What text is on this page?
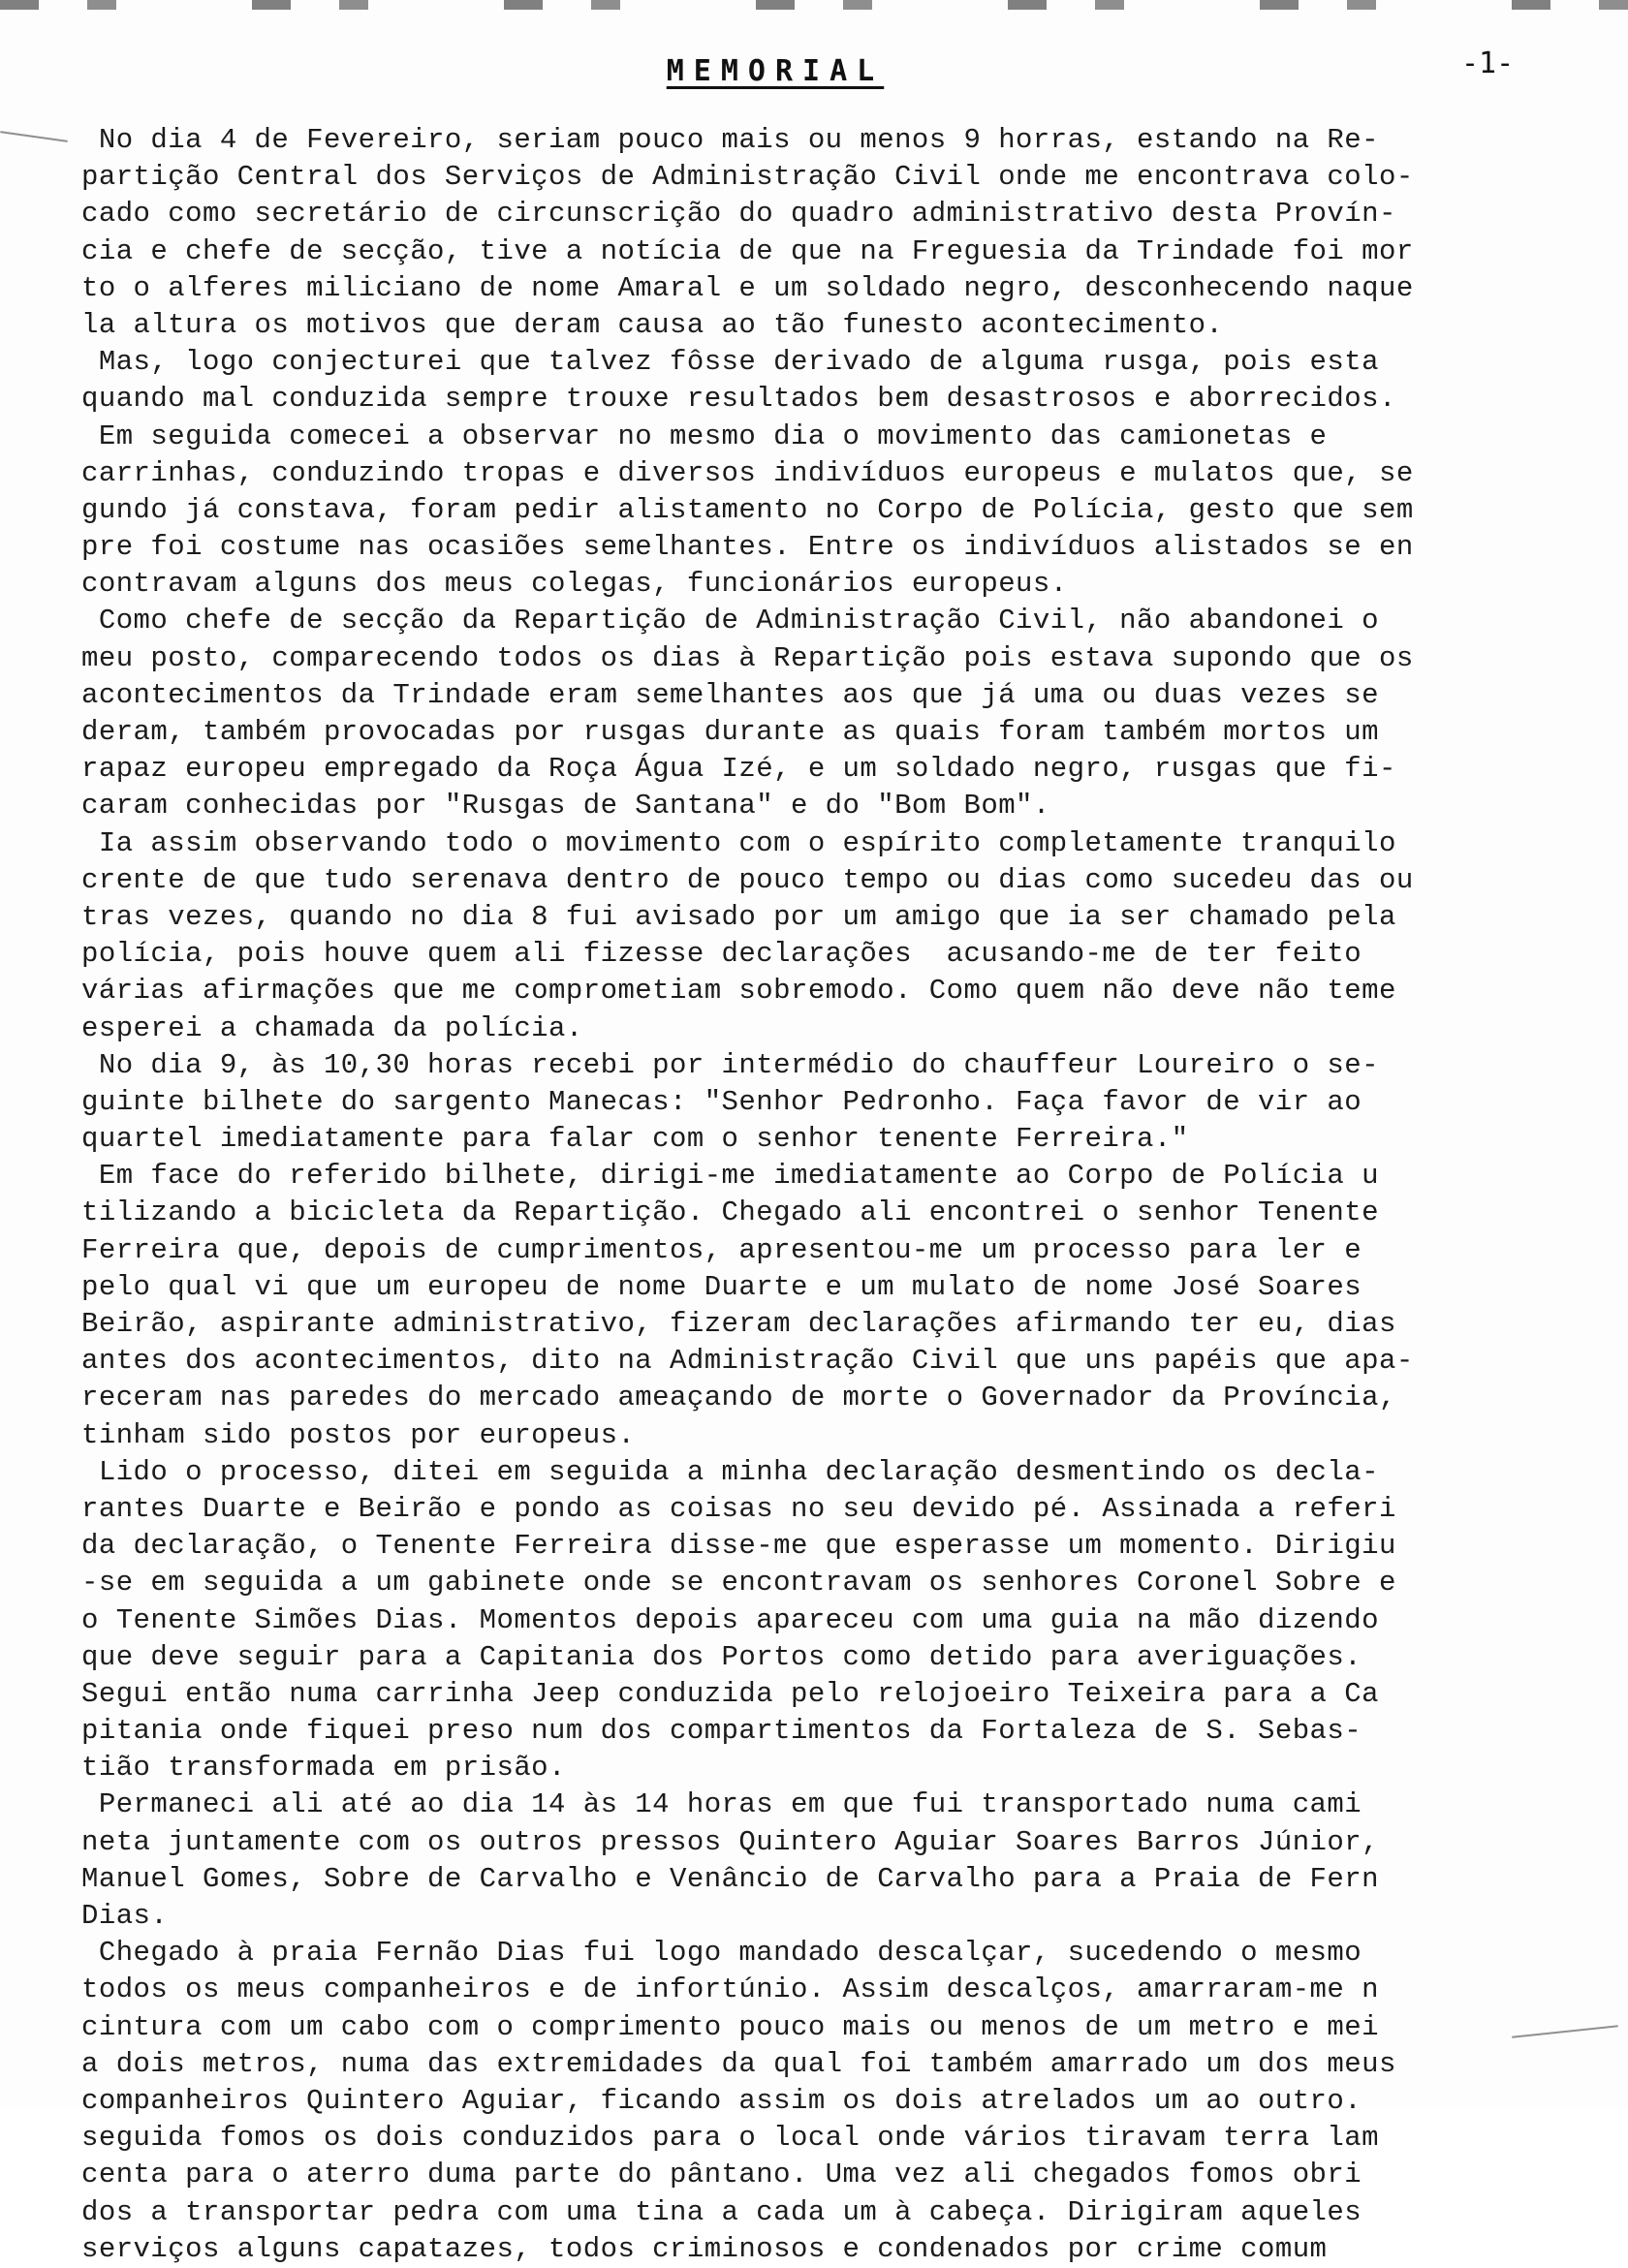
MEMORIAL	-1-
No dia 4 de Fevereiro, seriam pouco mais ou menos 9 horras, estando na Re-
partição Central dos Serviços de Administração Civil onde me encontrava colo-
cado como secretário de circunscrição do quadro administrativo desta Provín-
cia e chefe de secção, tive a notícia de que na Freguesia da Trindade foi mor
to o alferes miliciano de nome Amaral e um soldado negro, desconhecendo naque
la altura os motivos que deram causa ao tão funesto acontecimento.
Mas, logo conjecturei que talvez fôsse derivado de alguma rusga, pois esta
quando mal conduzida sempre trouxe resultados bem desastrosos e aborrecidos.
Em seguida comecei a observar no mesmo dia o movimento das camionetas e
carrinhas, conduzindo tropas e diversos indivíduos europeus e mulatos que, se
gundo já constava, foram pedir alistamento no Corpo de Polícia, gesto que sem
pre foi costume nas ocasiões semelhantes. Entre os indivíduos alistados se en
contravam alguns dos meus colegas, funcionários europeus.
Como chefe de secção da Repartição de Administração Civil, não abandonei o
meu posto, comparecendo todos os dias à Repartição pois estava supondo que os
acontecimentos da Trindade eram semelhantes aos que já uma ou duas vezes se
deram, também provocadas por rusgas durante as quais foram também mortos um
rapaz europeu empregado da Roça Água Izé, e um soldado negro, rusgas que fi-
caram conhecidas por "Rusgas de Santana" e do "Bom Bom".
Ia assim observando todo o movimento com o espírito completamente tranquilo
crente de que tudo serenava dentro de pouco tempo ou dias como sucedeu das ou
tras vezes, quando no dia 8 fui avisado por um amigo que ia ser chamado pela
polícia, pois houve quem ali fizesse declarações  acusando-me de ter feito
várias afirmações que me comprometiam sobremodo. Como quem não deve não teme
esperei a chamada da polícia.
No dia 9, às 10,30 horas recebi por intermédio do chauffeur Loureiro o se-
guinte bilhete do sargento Manecas: "Senhor Pedronho. Faça favor de vir ao
quartel imediatamente para falar com o senhor tenente Ferreira."
Em face do referido bilhete, dirigi-me imediatamente ao Corpo de Polícia u
tilizando a bicicleta da Repartição. Chegado ali encontrei o senhor Tenente
Ferreira que, depois de cumprimentos, apresentou-me um processo para ler e
pelo qual vi que um europeu de nome Duarte e um mulato de nome José Soares
Beirão, aspirante administrativo, fizeram declarações afirmando ter eu, dias
antes dos acontecimentos, dito na Administração Civil que uns papéis que apa-
receram nas paredes do mercado ameaçando de morte o Governador da Província,
tinham sido postos por europeus.
Lido o processo, ditei em seguida a minha declaração desmentindo os decla-
rantes Duarte e Beirão e pondo as coisas no seu devido pé. Assinada a referi
da declaração, o Tenente Ferreira disse-me que esperasse um momento. Dirigiu
-se em seguida a um gabinete onde se encontravam os senhores Coronel Sobre e
o Tenente Simões Dias. Momentos depois apareceu com uma guia na mão dizendo
que deve seguir para a Capitania dos Portos como detido para averiguações.
Segui então numa carrinha Jeep conduzida pelo relojoeiro Teixeira para a Ca
pitania onde fiquei preso num dos compartimentos da Fortaleza de S. Sebas-
tião transformada em prisão.
Permaneci ali até ao dia 14 às 14 horas em que fui transportado numa cami
neta juntamente com os outros pressos Quintero Aguiar Soares Barros Júnior,
Manuel Gomes, Sobre de Carvalho e Venâncio de Carvalho para a Praia de Fern
Dias.
Chegado à praia Fernão Dias fui logo mandado descalçar, sucedendo o mesmo
todos os meus companheiros e de infortúnio. Assim descalços, amarraram-me n
cintura com um cabo com o comprimento pouco mais ou menos de um metro e mei
a dois metros, numa das extremidades da qual foi também amarrado um dos meus
companheiros Quintero Aguiar, ficando assim os dois atrelados um ao outro.
seguida fomos os dois conduzidos para o local onde vários tiravam terra lam
centa para o aterro duma parte do pântano. Uma vez ali chegados fomos obri
dos a transportar pedra com uma tina a cada um à cabeça. Dirigiram aqueles
serviços alguns capatazes, todos criminosos e condenados por crime comum
